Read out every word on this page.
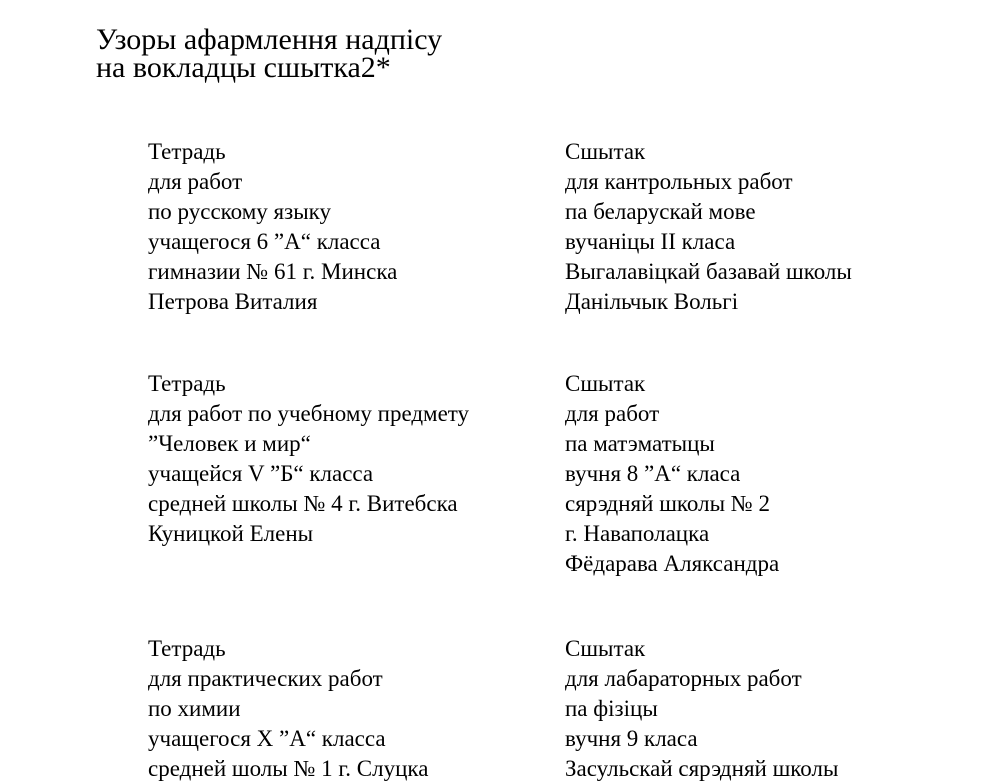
Узоры афармлення надпісу
на вокладцы сшытка2*
Тетрадь
для работ
по русскому языку
учащегося 6 ”А“ класса
гимназии № 61 г. Минска
Петрова Виталия
Сшытак
для кантрольных работ
па беларускай мове
вучаніцы II класа
Выгалавіцкай базавай школы
Данільчык Вольгі
Тетрадь
для работ по учебному предмету
”Человек и мир“
учащейся V ”Б“ класса
средней школы № 4 г. Витебска
Куницкой Елены
Сшытак
для работ
па матэматыцы
вучня 8 ”А“ класа
сярэдняй школы № 2
г. Наваполацка
Фёдарава Аляксандра
Тетрадь
для практических работ
по химии
учащегося Х ”А“ класса
средней шолы № 1 г. Слуцка
Сшытак
для лабараторных работ
па фізіцы
вучня 9 класа
Засульскай сярэдняй школы
